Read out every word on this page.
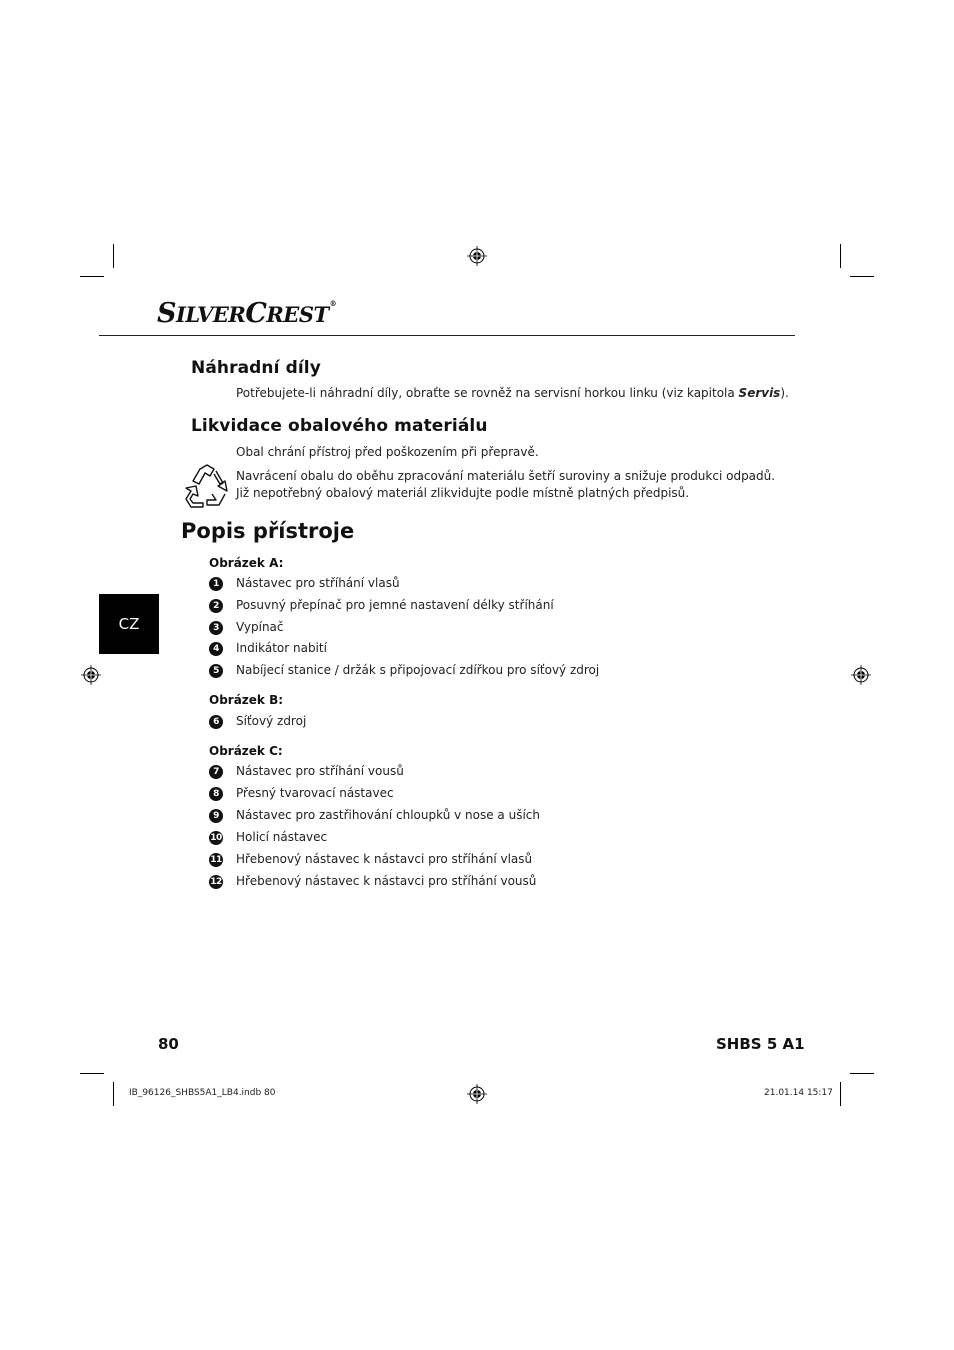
SILVERCREST®
Náhradní díly
Potřebujete-li náhradní díly, obraťte se rovněž na servisní horkou linku (viz kapitola Servis).
Likvidace obalového materiálu
Obal chrání přístroj před poškozením při přepravě.
Navrácení obalu do oběhu zpracování materiálu šetří suroviny a snižuje produkci odpadů.
Již nepotřebný obalový materiál zlikvidujte podle místně platných předpisů.
Popis přístroje
Obrázek A:
1	Nástavec pro stříhání vlasů
2	Posuvný přepínač pro jemné nastavení délky stříhání
3	Vypínač
4	Indikátor nabití
5	Nabíjecí stanice / držák s připojovací zdířkou pro síťový zdroj
Obrázek B:
6	Síťový zdroj
Obrázek C:
7	Nástavec pro stříhání vousů
8	Přesný tvarovací nástavec
9	Nástavec pro zastřihování chloupků v nose a uších
10 Holicí nástavec
11 Hřebenový nástavec k nástavci pro stříhání vlasů
12 Hřebenový nástavec k nástavci pro stříhání vousů
CZ
80	SHBS 5 A1
IB_96126_SHBS5A1_LB4.indb 80	21.01.14 15:17
